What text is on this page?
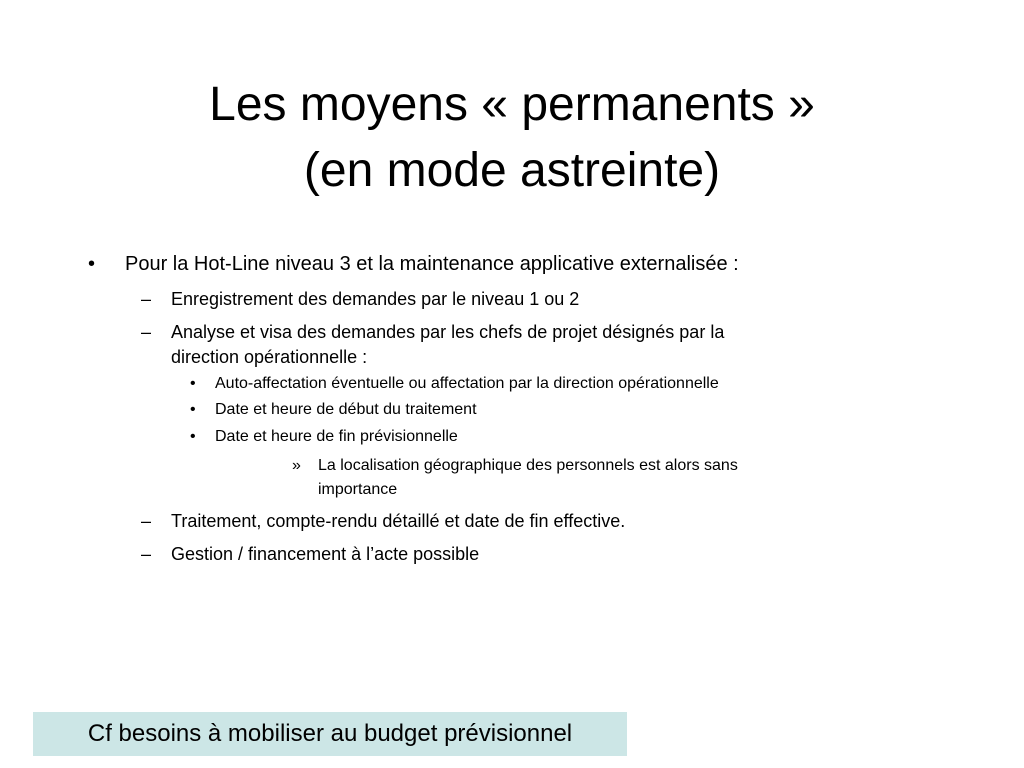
Les moyens « permanents »
(en mode astreinte)
• Pour la Hot-Line niveau 3 et la maintenance applicative externalisée :
– Enregistrement des demandes par le niveau 1 ou 2
– Analyse et visa des demandes par les chefs de projet désignés par la
direction opérationnelle :
• Auto-affectation éventuelle ou affectation par la direction opérationnelle
• Date et heure de début du traitement
• Date et heure de fin prévisionnelle
» La localisation géographique des personnels est alors sans
importance
– Traitement, compte-rendu détaillé et date de fin effective.
– Gestion / financement à l’acte possible
Cf besoins à mobiliser au budget prévisionnel
